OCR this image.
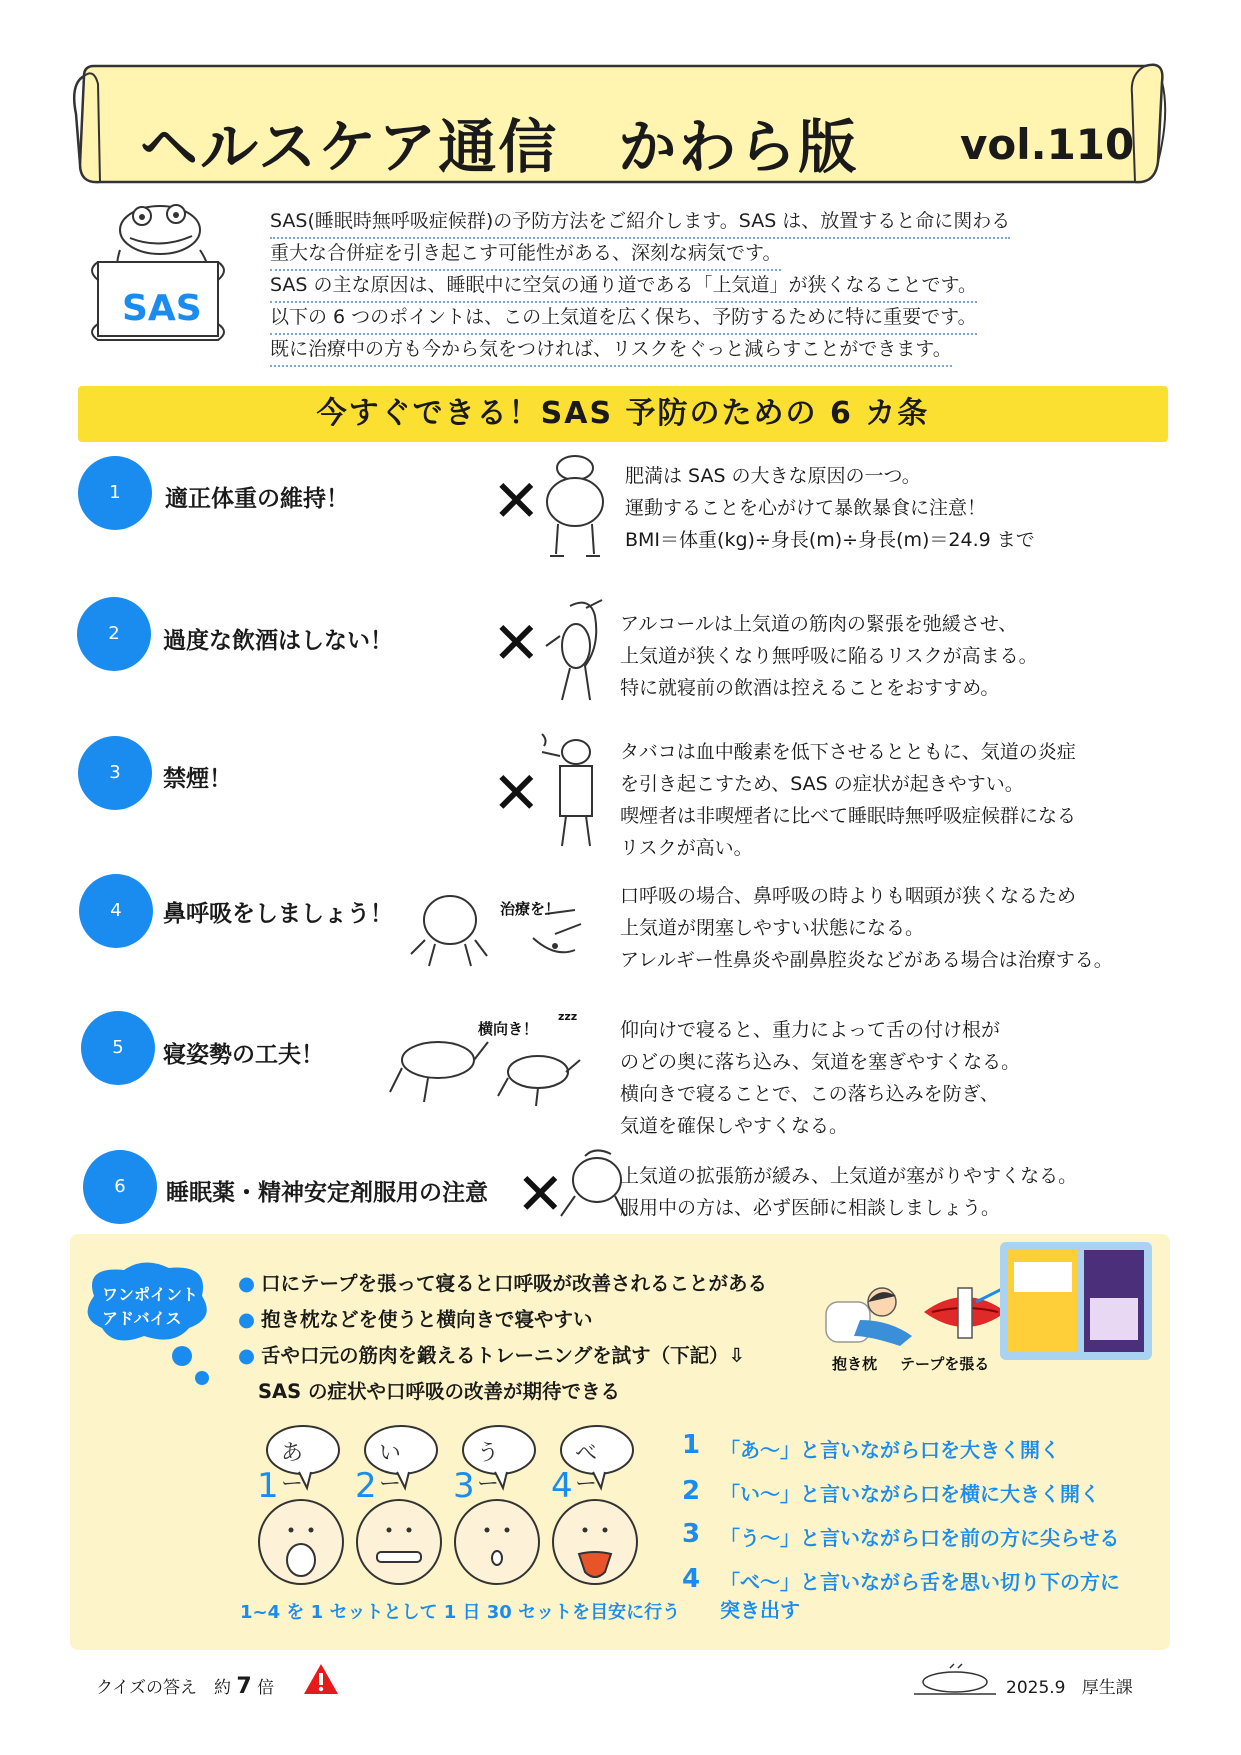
ヘルスケア通信　かわら版 vol.110
SAS
SAS(睡眠時無呼吸症候群)の予防方法をご紹介します。SAS は、放置すると命に関わる
重大な合併症を引き起こす可能性がある、深刻な病気です。
SAS の主な原因は、睡眠中に空気の通り道である「上気道」が狭くなることです。
以下の 6 つのポイントは、この上気道を広く保ち、予防するために特に重要です。
既に治療中の方も今から気をつければ、リスクをぐっと減らすことができます。
今すぐできる！SAS 予防のための 6 カ条
1	適正体重の維持！ ✕	肥満は SAS の大きな原因の一つ。
運動することを心がけて暴飲暴食に注意！
BMI＝体重(kg)÷身長(m)÷身長(m)＝24.9 まで
2	過度な飲酒はしない！ ✕	アルコールは上気道の筋肉の緊張を弛緩させ、
上気道が狭くなり無呼吸に陥るリスクが高まる。
特に就寝前の飲酒は控えることをおすすめ。
3	禁煙！	✕
タバコは血中酸素を低下させるとともに、気道の炎症
を引き起こすため、SAS の症状が起きやすい。
喫煙者は非喫煙者に比べて睡眠時無呼吸症候群になる
リスクが高い。
4	鼻呼吸をしましょう！	治療を！
口呼吸の場合、鼻呼吸の時よりも咽頭が狭くなるため
上気道が閉塞しやすい状態になる。
アレルギー性鼻炎や副鼻腔炎などがある場合は治療する。
5	寝姿勢の工夫！
横向き！
zzz
仰向けで寝ると、重力によって舌の付け根が
のどの奥に落ち込み、気道を塞ぎやすくなる。
横向きで寝ることで、この落ち込みを防ぎ、
気道を確保しやすくなる。
6	睡眠薬・精神安定剤服用の注意 ✕	上気道の拡張筋が緩み、上気道が塞がりやすくなる。
服用中の方は、必ず医師に相談しましょう。
ワンポイント
アドバイス
● 口にテープを張って寝ると口呼吸が改善されることがある
● 抱き枕などを使うと横向きで寝やすい
● 舌や口元の筋肉を鍛えるトレーニングを試す（下記）⇩
SAS の症状や口呼吸の改善が期待できる
抱き枕 テープを張る
あー
1
いー
2
うー
3
べー
4
1~4 を 1 セットとして 1 日 30 セットを目安に行う
1 「あ～」と言いながら口を大きく開く
2 「い～」と言いながら口を横に大きく開く
3 「う～」と言いながら口を前の方に尖らせる
4 「べ～」と言いながら舌を思い切り下の方に
突き出す
クイズの答え　約 7 倍	2025.9 厚生課
